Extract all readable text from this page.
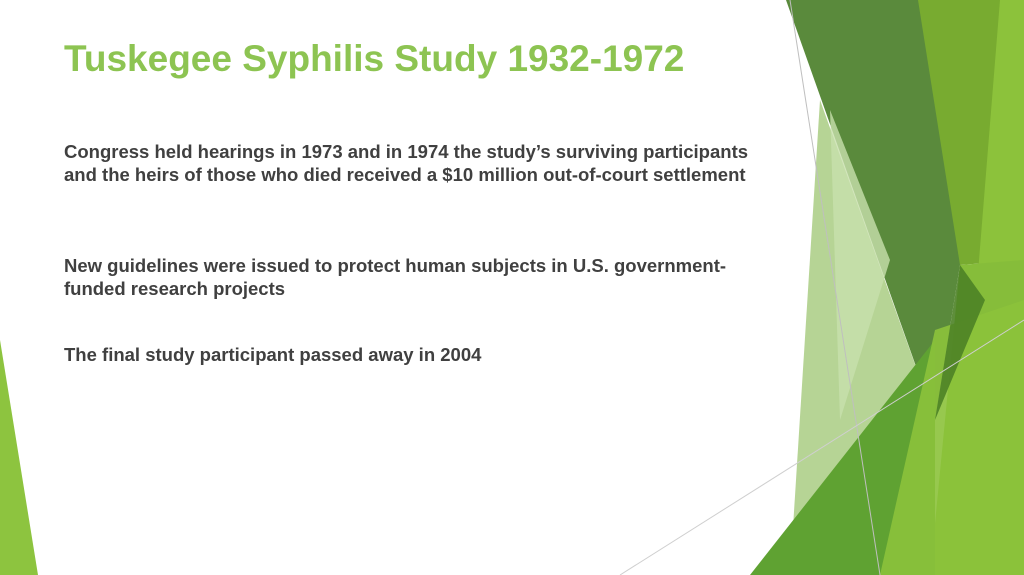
Tuskegee Syphilis Study 1932-1972

Congress held hearings in 1973 and in 1974 the study’s surviving participants and the heirs of those who died received a $10 million out-of-court settlement

New guidelines were issued to protect human subjects in U.S. government-funded research projects

The final study participant passed away in 2004
